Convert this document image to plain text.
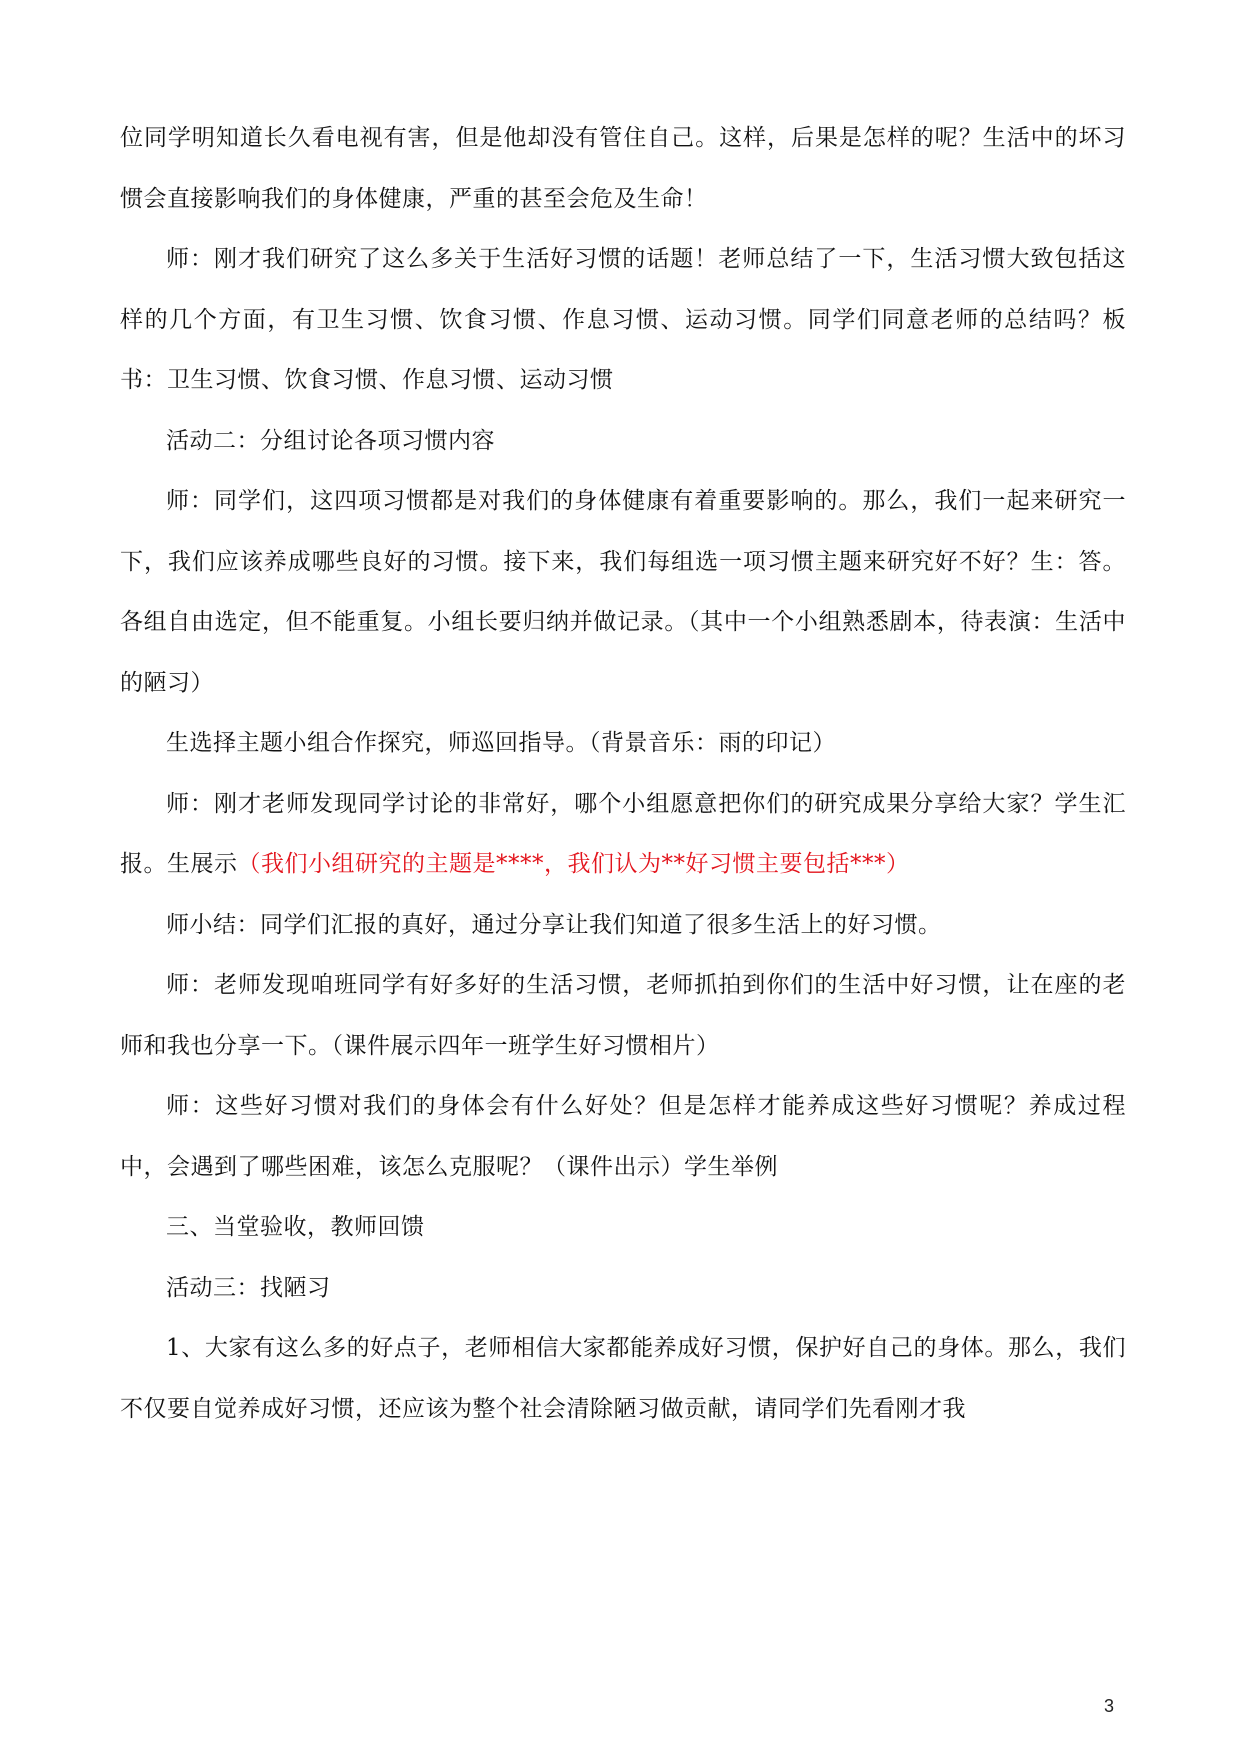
位同学明知道长久看电视有害，但是他却没有管住自己。这样，后果是怎样的呢？生活中的坏习惯会直接影响我们的身体健康，严重的甚至会危及生命！

师：刚才我们研究了这么多关于生活好习惯的话题！老师总结了一下，生活习惯大致包括这样的几个方面，有卫生习惯、饮食习惯、作息习惯、运动习惯。同学们同意老师的总结吗？板书：卫生习惯、饮食习惯、作息习惯、运动习惯

活动二：分组讨论各项习惯内容

师：同学们，这四项习惯都是对我们的身体健康有着重要影响的。那么，我们一起来研究一下，我们应该养成哪些良好的习惯。接下来，我们每组选一项习惯主题来研究好不好？生：答。各组自由选定，但不能重复。小组长要归纳并做记录。（其中一个小组熟悉剧本，待表演：生活中的陋习）

生选择主题小组合作探究，师巡回指导。（背景音乐：雨的印记）

师：刚才老师发现同学讨论的非常好，哪个小组愿意把你们的研究成果分享给大家？学生汇报。生展示（我们小组研究的主题是****，我们认为**好习惯主要包括***）

师小结：同学们汇报的真好，通过分享让我们知道了很多生活上的好习惯。

师：老师发现咱班同学有好多好的生活习惯，老师抓拍到你们的生活中好习惯，让在座的老师和我也分享一下。（课件展示四年一班学生好习惯相片）

师：这些好习惯对我们的身体会有什么好处？但是怎样才能养成这些好习惯呢？养成过程中，会遇到了哪些困难，该怎么克服呢？（课件出示）学生举例

三、当堂验收，教师回馈

活动三：找陋习

1、大家有这么多的好点子，老师相信大家都能养成好习惯，保护好自己的身体。那么，我们不仅要自觉养成好习惯，还应该为整个社会清除陋习做贡献，请同学们先看刚才我

3
